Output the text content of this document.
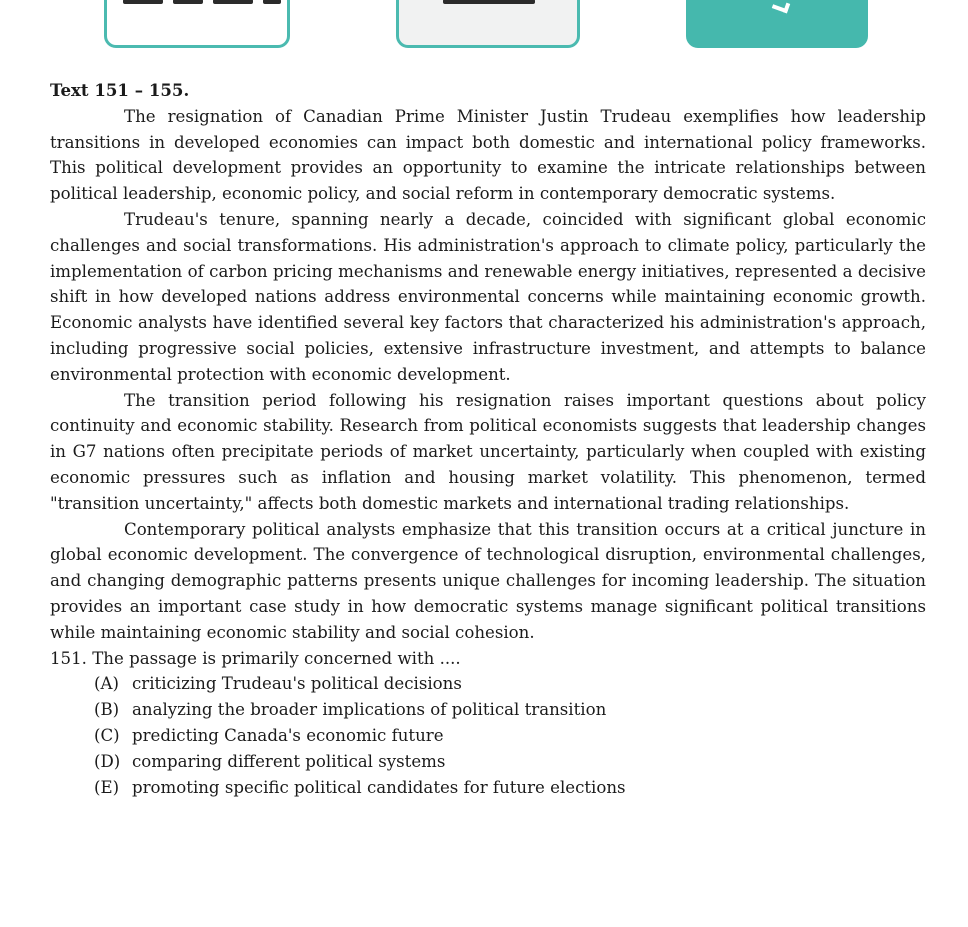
Text 151 – 155.

The resignation of Canadian Prime Minister Justin Trudeau exemplifies how leadership transitions in developed economies can impact both domestic and international policy frameworks. This political development provides an opportunity to examine the intricate relationships between political leadership, economic policy, and social reform in contemporary democratic systems.

Trudeau's tenure, spanning nearly a decade, coincided with significant global economic challenges and social transformations. His administration's approach to climate policy, particularly the implementation of carbon pricing mechanisms and renewable energy initiatives, represented a decisive shift in how developed nations address environmental concerns while maintaining economic growth. Economic analysts have identified several key factors that characterized his administration's approach, including progressive social policies, extensive infrastructure investment, and attempts to balance environmental protection with economic development.

The transition period following his resignation raises important questions about policy continuity and economic stability. Research from political economists suggests that leadership changes in G7 nations often precipitate periods of market uncertainty, particularly when coupled with existing economic pressures such as inflation and housing market volatility. This phenomenon, termed "transition uncertainty," affects both domestic markets and international trading relationships.

Contemporary political analysts emphasize that this transition occurs at a critical juncture in global economic development. The convergence of technological disruption, environmental challenges, and changing demographic patterns presents unique challenges for incoming leadership. The situation provides an important case study in how democratic systems manage significant political transitions while maintaining economic stability and social cohesion.

151. The passage is primarily concerned with ....
(A) criticizing Trudeau's political decisions
(B) analyzing the broader implications of political transition
(C) predicting Canada's economic future
(D) comparing different political systems
(E) promoting specific political candidates for future elections
